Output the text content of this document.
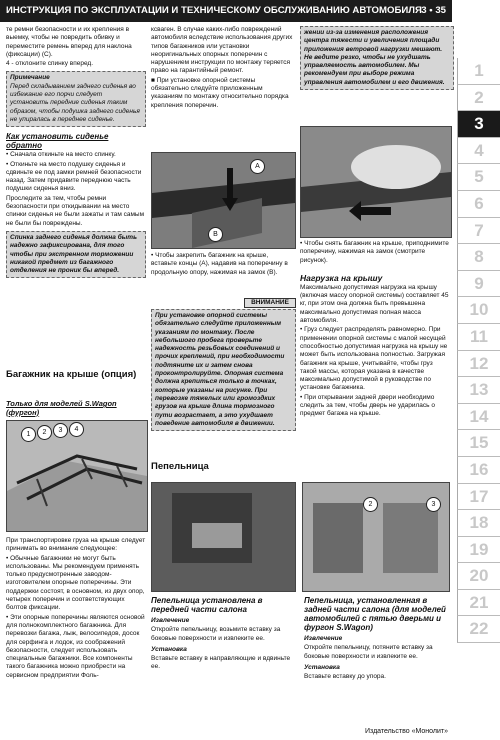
ИНСТРУКЦИЯ ПО ЭКСПЛУАТАЦИИ И ТЕХНИЧЕСКОМУ ОБСЛУЖИВАНИЮ АВТОМОБИЛЯ 3 • 35
1
2
3
4
5
6
7
8
9
10
11
12
13
14
15
16
17
18
19
20
21
22

те ремни безопасности и их крепления в выемку, чтобы не повредить обивку и переместите ремень вперед для наклона (фиксации) (С).

4 - отклоните спинку вперед.

Примечание
Перед складыванием заднего сиденья во избежание его порчи следует установить передние сиденья таким образом, чтобы подушка заднего сиденья не упиралась в переднее сиденье.

Как установить сиденье обратно

• Сначала откиньте на место спинку.

• Откиньте на место подушку сиденья и сдвиньте ее под замки ремней безопасности назад. Затем придавите переднюю часть подушки сиденья вниз.

Проследите за тем, чтобы ремни безопасности при откидывании на место спинки сиденья не были зажаты и там самым не были бы повреждены.

Спинка заднего сиденья должна быть надежно зафиксирована, для того чтобы при экстренном торможении никакой предмет из багажного отделения не проник бы вперед.
Багажник на крыше (опция)
Только для моделей S.Wagon (фургон)
1	2	3	4

При транспортировке груза на крыше следует принимать во внимание следующее:

• Обычные багажники не могут быть использованы. Мы рекомендуем применять только предусмотренные заводом-изготовителем опорные поперечины. Эти поддержки состоят, в основном, из двух опор, четырех поперечин и соответствующих болтов фиксации.

• Эти опорные поперечины являются основой для полнокомплектного багажника. Для перевозки багажа, лыж, велосипедов, досок для серфинга и лодок, из соображений безопасности, следует использовать специальные багажники. Все компоненты такого багажника можно приобрести на сервисном предприятии Фоль-

ксваген. В случае каких-либо повреждений автомобиля вследствие использования других типов багажников или установки неоригинальных опорных поперечин с нарушением инструкции по монтажу теряется право на гарантийный ремонт.

■ При установке опорной системы обязательно следуйте приложенным указаниям по монтажу относительно порядка крепления поперечин.

A
B

• Чтобы закрепить багажник на крыше, вставьте концы (А), надавив на поперечину в продольную опору, нажимая на замок (В).

ВНИМАНИЕ
При установке опорной системы обязательно следуйте приложенным указаниям по монтажу. После небольшого пробега проверьте надежность резьбовых соединений и прочих креплений, при необходимости подтяните их и затем снова проконтролируйте. Опорная система должна крепиться только в точках, которые указаны на рисунке. При перевозке тяжелых или громоздких грузов на крыше длина тормозного пути возрастает, а это ухудшает поведение автомобиля в движении.
жении из-за изменения расположения центра тяжести и увеличения площади приложения ветровой нагрузки мешают. Не ведите резко, чтобы не ухудшать управляемость автомобилем. Мы рекомендуем при выборе режима управления автомобилем и его движения.

• Чтобы снять багажник на крыше, приподнимите поперечину, нажимая на замок (смотрите рисунок).

Нагрузка на крышу

Максимально допустимая нагрузка на крышу (включая массу опорной системы) составляет 45 кг, при этом она должна быть превышена максимально допустимая полная масса автомобиля.

• Груз следует распределять равномерно. При применении опорной системы с малой несущей способностью допустимая нагрузка на крышу не может быть использована полностью. Загружая багажник на крыше, учитывайте, чтобы груз такой массы, которая указана в качестве максимально допустимой в руководстве по установке багажника.

• При открывании задней двери необходимо следить за тем, чтобы дверь не ударилась о предмет багажа на крыше.

Пепельница
2	3

Пепельница установлена в передней части салона

Извлечение

Откройте пепельницу, возьмите вставку за боковые поверхности и извлеките ее.

Установка

Вставьте вставку в направляющие и вдвиньте ее.

Пепельница, установленная в задней части салона (для моделей автомобилей с пятью дверьми и фургон S.Wagon)

Извлечение

Откройте пепельницу, потяните вставку за боковые поверхности и извлеките ее.

Установка

Вставьте вставку до упора.

Издательство «Монолит»
